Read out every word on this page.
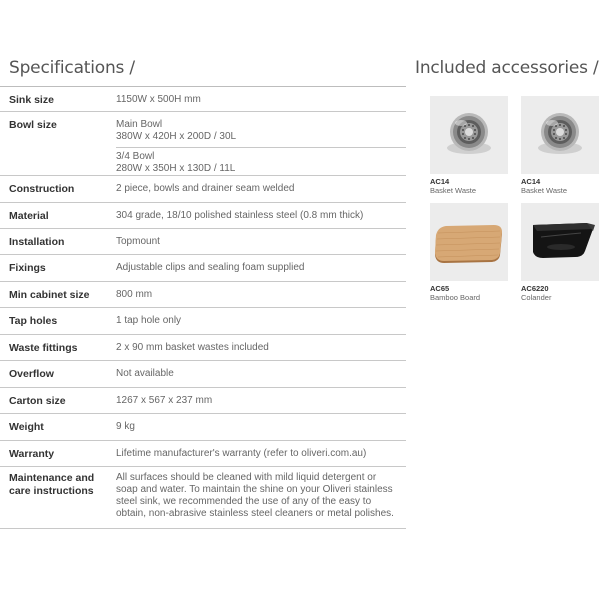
Specifications /	Included accessories /
Sink size	1150W x 500H mm
Bowl size	Main Bowl
380W x 420H x 200D / 30L
3/4 Bowl
280W x 350H x 130D / 11L
Construction	2 piece, bowls and drainer seam welded
Material	304 grade, 18/10 polished stainless steel (0.8 mm thick)
Installation	Topmount
Fixings	Adjustable clips and sealing foam supplied
Min cabinet size	800 mm
Tap holes	1 tap hole only
Waste fittings	2 x 90 mm basket wastes included
Overflow	Not available
Carton size	1267 x 567 x 237 mm
Weight	9 kg
Warranty	Lifetime manufacturer's warranty (refer to oliveri.com.au)
Maintenance and care instructions
All surfaces should be cleaned with mild liquid detergent or soap and water. To maintain the shine on your Oliveri stainless steel sink, we recommended the use of any of the easy to obtain, non-abrasive stainless steel cleaners or metal polishes.
AC14
Basket Waste
AC14
Basket Waste
AC65
Bamboo Board
AC6220
Colander
